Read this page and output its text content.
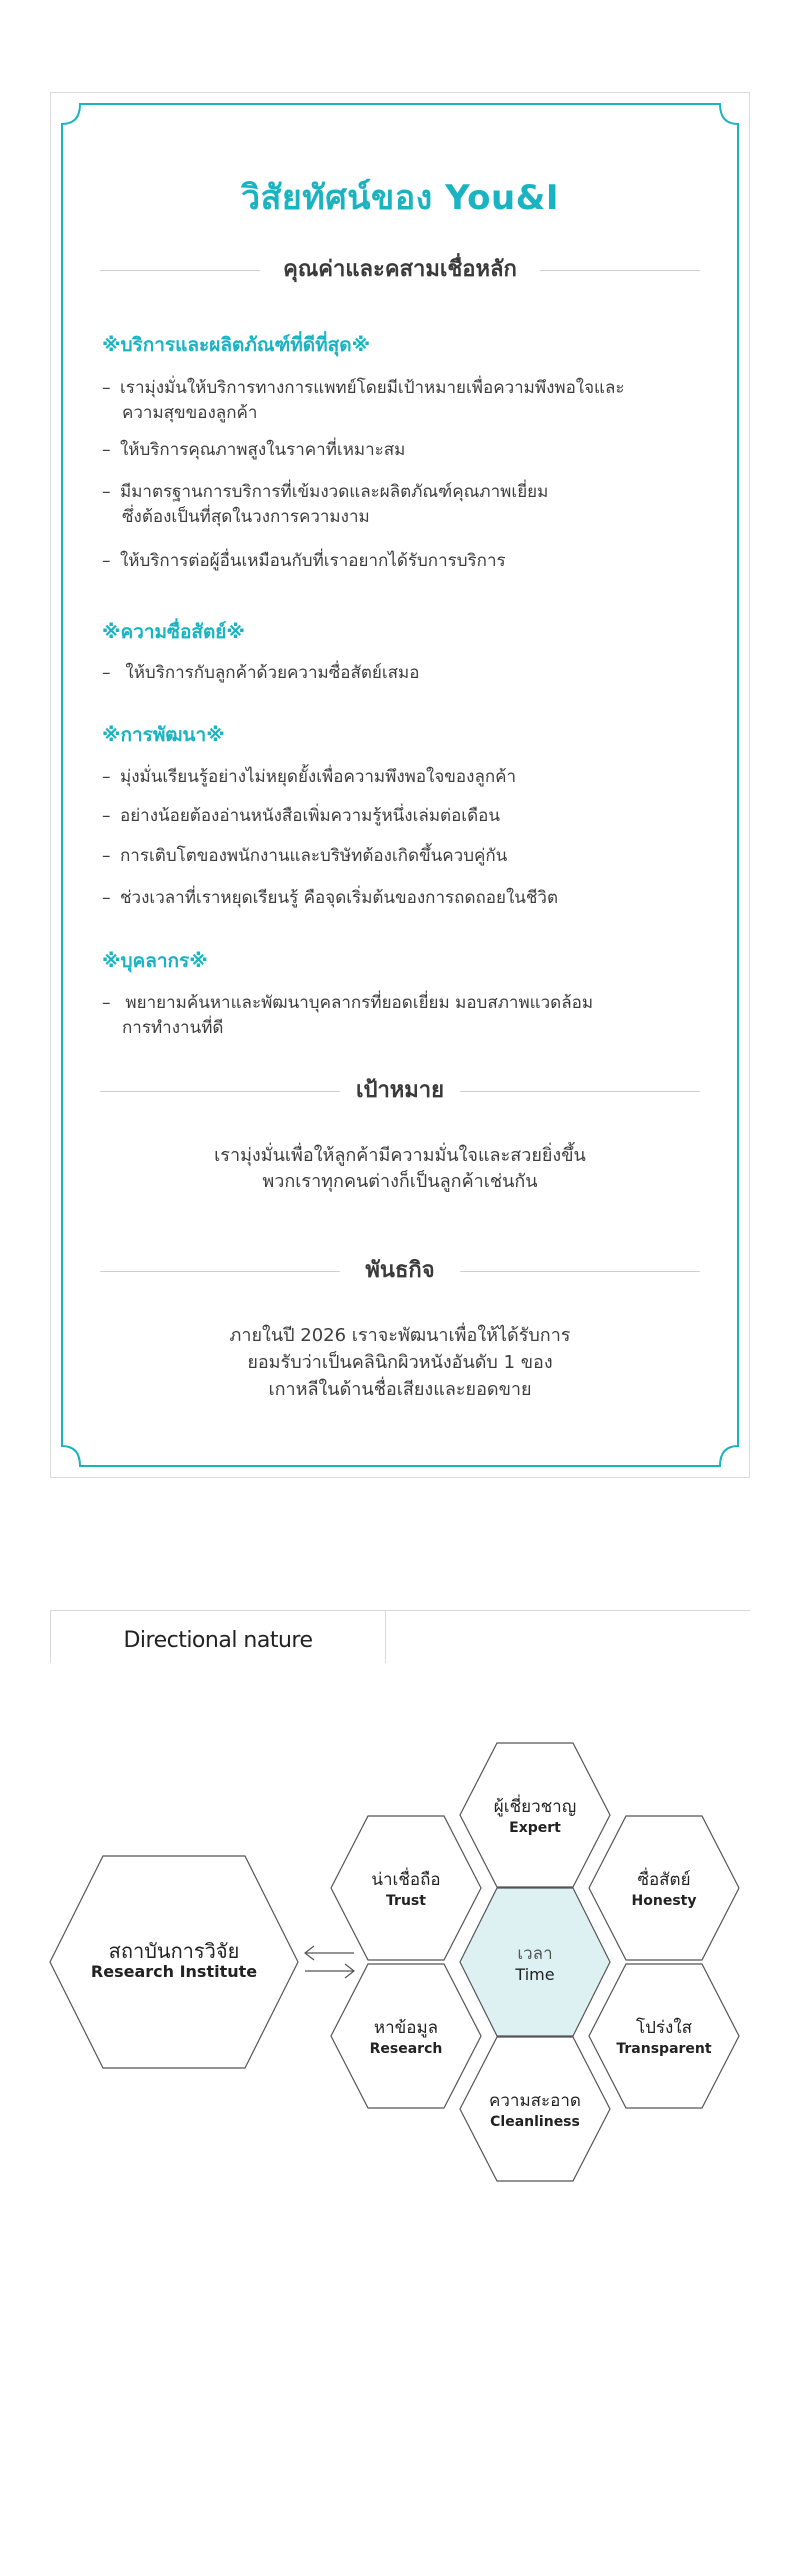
วิสัยทัศน์ของ You&I
คุณค่าและคสามเชื่อหลัก
※บริการและผลิตภัณฑ์ที่ดีที่สุด※
– เรามุ่งมั่นให้บริการทางการแพทย์โดยมีเป้าหมายเพื่อความพึงพอใจและ
ความสุขของลูกค้า
– ให้บริการคุณภาพสูงในราคาที่เหมาะสม
– มีมาตรฐานการบริการที่เข้มงวดและผลิตภัณฑ์คุณภาพเยี่ยม
ซึ่งต้องเป็นที่สุดในวงการความงาม
– ให้บริการต่อผู้อื่นเหมือนกับที่เราอยากได้รับการบริการ
※ความซื่อสัตย์※
– ให้บริการกับลูกค้าด้วยความซื่อสัตย์เสมอ
※การพัฒนา※
– มุ่งมั่นเรียนรู้อย่างไม่หยุดยั้งเพื่อความพึงพอใจของลูกค้า
– อย่างน้อยต้องอ่านหนังสือเพิ่มความรู้หนึ่งเล่มต่อเดือน
– การเติบโตของพนักงานและบริษัทต้องเกิดขึ้นควบคู่กัน
– ช่วงเวลาที่เราหยุดเรียนรู้ คือจุดเริ่มต้นของการถดถอยในชีวิต
※บุคลากร※
– พยายามค้นหาและพัฒนาบุคลากรที่ยอดเยี่ยม มอบสภาพแวดล้อม
การทำงานที่ดี
เป้าหมาย
เรามุ่งมั่นเพื่อให้ลูกค้ามีความมั่นใจและสวยยิ่งขึ้น
พวกเราทุกคนต่างก็เป็นลูกค้าเช่นกัน
พันธกิจ
ภายในปี 2026 เราจะพัฒนาเพื่อให้ได้รับการ
ยอมรับว่าเป็นคลินิกผิวหนังอันดับ 1 ของ
เกาหลีในด้านชื่อเสียงและยอดขาย
Directional nature
สถาบันการวิจัย
Research Institute
ผู้เชี่ยวชาญ
Expert
น่าเชื่อถือ
Trust
ซื่อสัตย์
Honesty
เวลา
Time
หาข้อมูล
Research
โปร่งใส
Transparent
ความสะอาด
Cleanliness
